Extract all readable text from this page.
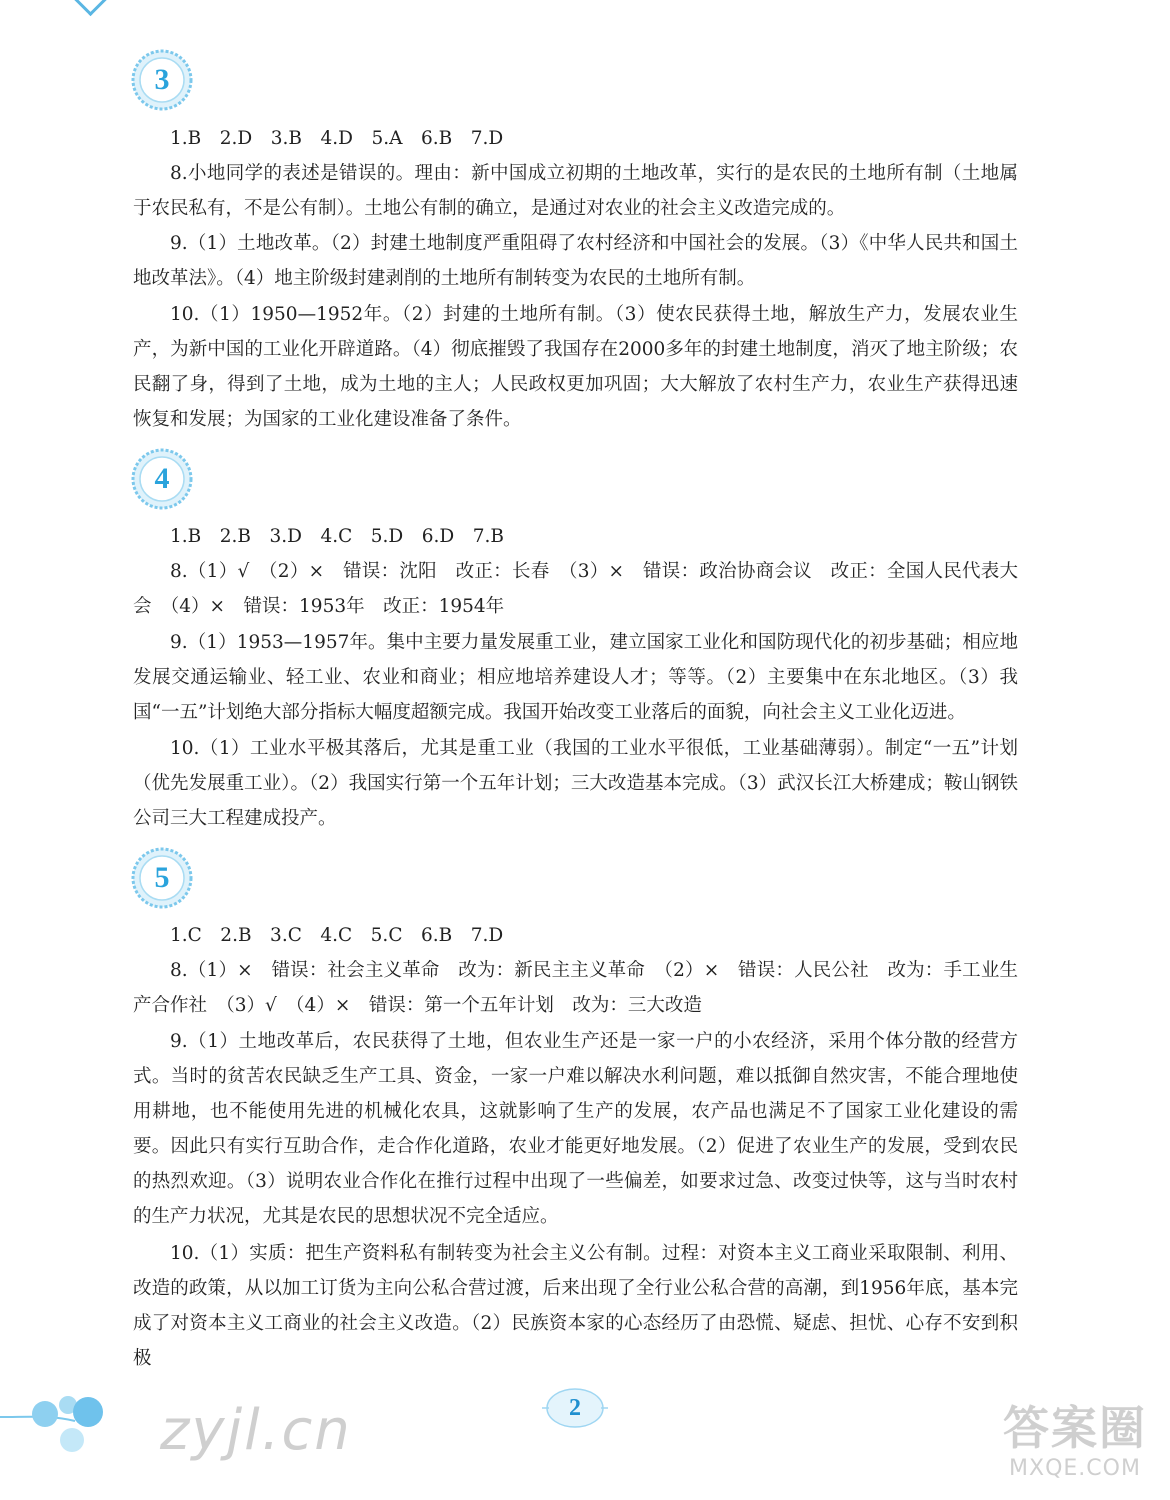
3

1.B　2.D　3.B　4.D　5.A　6.B　7.D

8.小地同学的表述是错误的。理由：新中国成立初期的土地改革，实行的是农民的土地所有制（土地属于农民私有，不是公有制）。土地公有制的确立，是通过对农业的社会主义改造完成的。

9.（1）土地改革。（2）封建土地制度严重阻碍了农村经济和中国社会的发展。（3）《中华人民共和国土地改革法》。（4）地主阶级封建剥削的土地所有制转变为农民的土地所有制。

10.（1）1950—1952年。（2）封建的土地所有制。（3）使农民获得土地，解放生产力，发展农业生产，为新中国的工业化开辟道路。（4）彻底摧毁了我国存在2000多年的封建土地制度，消灭了地主阶级；农民翻了身，得到了土地，成为土地的主人；人民政权更加巩固；大大解放了农村生产力，农业生产获得迅速恢复和发展；为国家的工业化建设准备了条件。

4

1.B　2.B　3.D　4.C　5.D　6.D　7.B

8.（1）√　（2）×　错误：沈阳　改正：长春　（3）×　错误：政治协商会议　改正：全国人民代表大会　（4）×　错误：1953年　改正：1954年

9.（1）1953—1957年。集中主要力量发展重工业，建立国家工业化和国防现代化的初步基础；相应地发展交通运输业、轻工业、农业和商业；相应地培养建设人才；等等。（2）主要集中在东北地区。（3）我国“一五”计划绝大部分指标大幅度超额完成。我国开始改变工业落后的面貌，向社会主义工业化迈进。

10.（1）工业水平极其落后，尤其是重工业（我国的工业水平很低，工业基础薄弱）。制定“一五”计划（优先发展重工业）。（2）我国实行第一个五年计划；三大改造基本完成。（3）武汉长江大桥建成；鞍山钢铁公司三大工程建成投产。

5

1.C　2.B　3.C　4.C　5.C　6.B　7.D

8.（1）×　错误：社会主义革命　改为：新民主主义革命　（2）×　错误：人民公社　改为：手工业生产合作社　（3）√　（4）×　错误：第一个五年计划　改为：三大改造

9.（1）土地改革后，农民获得了土地，但农业生产还是一家一户的小农经济，采用个体分散的经营方式。当时的贫苦农民缺乏生产工具、资金，一家一户难以解决水利问题，难以抵御自然灾害，不能合理地使用耕地，也不能使用先进的机械化农具，这就影响了生产的发展，农产品也满足不了国家工业化建设的需要。因此只有实行互助合作，走合作化道路，农业才能更好地发展。（2）促进了农业生产的发展，受到农民的热烈欢迎。（3）说明农业合作化在推行过程中出现了一些偏差，如要求过急、改变过快等，这与当时农村的生产力状况，尤其是农民的思想状况不完全适应。

10.（1）实质：把生产资料私有制转变为社会主义公有制。过程：对资本主义工商业采取限制、利用、改造的政策，从以加工订货为主向公私合营过渡，后来出现了全行业公私合营的高潮，到1956年底，基本完成了对资本主义工商业的社会主义改造。（2）民族资本家的心态经历了由恐慌、疑虑、担忧、心存不安到积极

zyjl.cn	2	答案圈
MXQE.COM
